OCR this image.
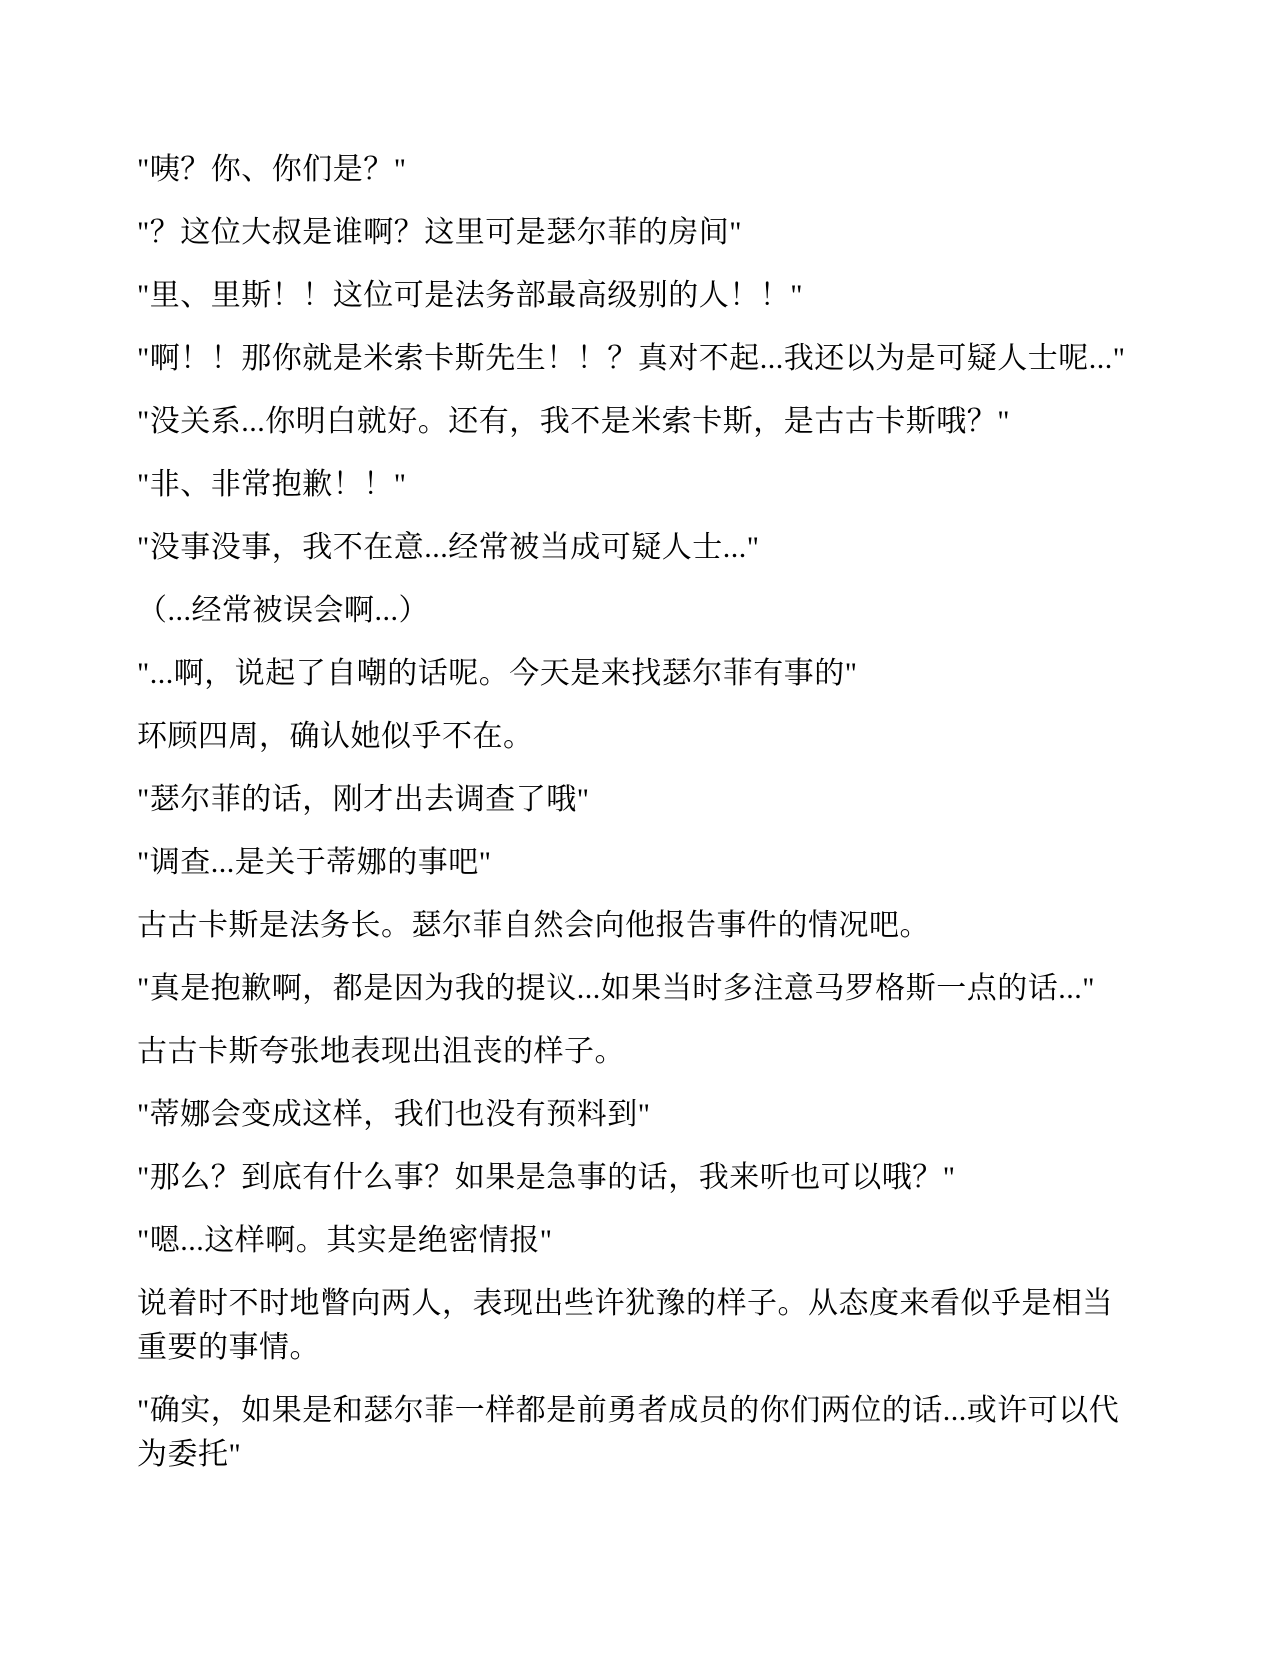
"咦？你、你们是？"

"？这位大叔是谁啊？这里可是瑟尔菲的房间"

"里、里斯！！这位可是法务部最高级别的人！！"

"啊！！那你就是米索卡斯先生！！？真对不起...我还以为是可疑人士呢..."

"没关系...你明白就好。还有，我不是米索卡斯，是古古卡斯哦？"

"非、非常抱歉！！"

"没事没事，我不在意...经常被当成可疑人士..."

（...经常被误会啊...）

"...啊，说起了自嘲的话呢。今天是来找瑟尔菲有事的"

环顾四周，确认她似乎不在。

"瑟尔菲的话，刚才出去调查了哦"

"调查...是关于蒂娜的事吧"

古古卡斯是法务长。瑟尔菲自然会向他报告事件的情况吧。

"真是抱歉啊，都是因为我的提议...如果当时多注意马罗格斯一点的话..."

古古卡斯夸张地表现出沮丧的样子。

"蒂娜会变成这样，我们也没有预料到"

"那么？到底有什么事？如果是急事的话，我来听也可以哦？"

"嗯...这样啊。其实是绝密情报"

说着时不时地瞥向两人，表现出些许犹豫的样子。从态度来看似乎是相当重要的事情。

"确实，如果是和瑟尔菲一样都是前勇者成员的你们两位的话...或许可以代为委托"
